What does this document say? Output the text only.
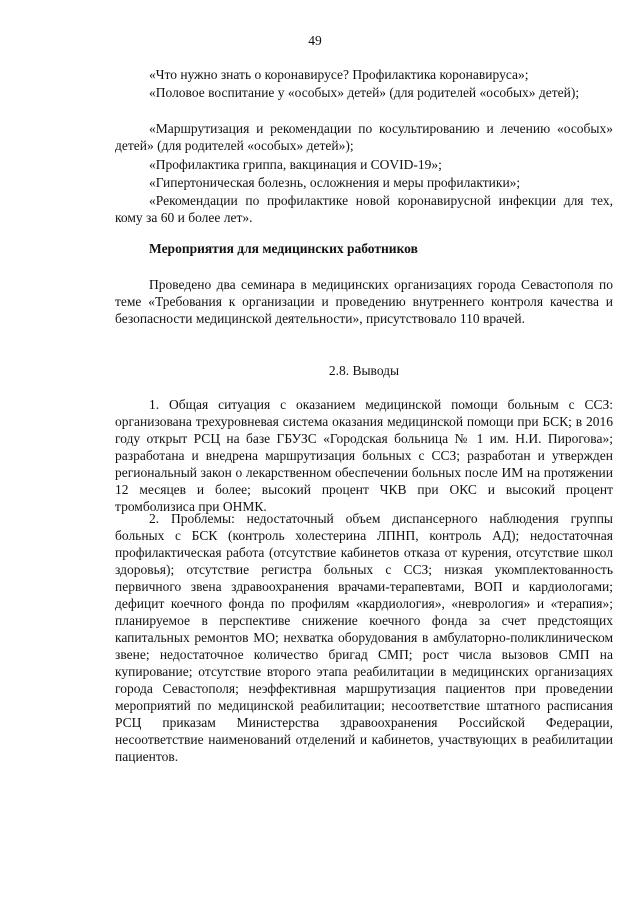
49

«Что нужно знать о коронавирусе? Профилактика коронавируса»;

«Половое воспитание у «особых» детей» (для родителей «особых» детей);

«Маршрутизация и рекомендации по косультированию и лечению «особых» детей» (для родителей «особых» детей»);

«Профилактика гриппа, вакцинация и COVID-19»;

«Гипертоническая болезнь, осложнения и меры профилактики»;

«Рекомендации по профилактике новой коронавирусной инфекции для тех, кому за 60 и более лет».

Мероприятия для медицинских работников

Проведено два семинара в медицинских организациях города Севастополя по теме «Требования к организации и проведению внутреннего контроля качества и безопасности медицинской деятельности», присутствовало 110 врачей.

2.8. Выводы

1. Общая ситуация с оказанием медицинской помощи больным с ССЗ: организована трехуровневая система оказания медицинской помощи при БСК; в 2016 году открыт РСЦ на базе ГБУЗС «Городская больница № 1 им. Н.И. Пирогова»; разработана и внедрена маршрутизация больных с ССЗ; разработан и утвержден региональный закон о лекарственном обеспечении больных после ИМ на протяжении 12 месяцев и более; высокий процент ЧКВ при ОКС и высокий процент тромболизиса при ОНМК.

2. Проблемы: недостаточный объем диспансерного наблюдения группы больных с БСК (контроль холестерина ЛПНП, контроль АД); недостаточная профилактическая работа (отсутствие кабинетов отказа от курения, отсутствие школ здоровья); отсутствие регистра больных с ССЗ; низкая укомплектованность первичного звена здравоохранения врачами-терапевтами, ВОП и кардиологами; дефицит коечного фонда по профилям «кардиология», «неврология» и «терапия»; планируемое в перспективе снижение коечного фонда за счет предстоящих капитальных ремонтов МО; нехватка оборудования в амбулаторно-поликлиническом звене; недостаточное количество бригад СМП; рост числа вызовов СМП на купирование; отсутствие второго этапа реабилитации в медицинских организациях города Севастополя; неэффективная маршрутизация пациентов при проведении мероприятий по медицинской реабилитации; несоответствие штатного расписания РСЦ приказам Министерства здравоохранения Российской Федерации, несоответствие наименований отделений и кабинетов, участвующих в реабилитации пациентов.
